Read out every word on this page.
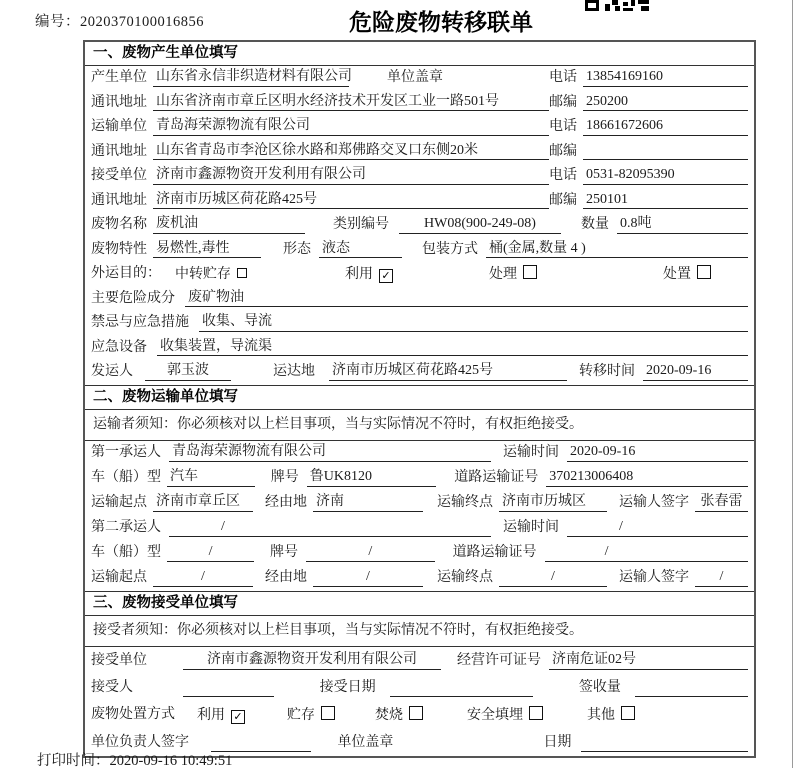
编号：2020370100016856	危险废物转移联单
一、废物产生单位填写
产生单位 山东省永信非织造材料有限公司	单位盖章	电话 13854169160
通讯地址 山东省济南市章丘区明水经济技术开发区工业一路501号	邮编 250200
运输单位 青岛海荣源物流有限公司	电话 18661672606
通讯地址 山东省青岛市李沧区徐水路和郑佛路交叉口东侧20米	邮编
接受单位 济南市鑫源物资开发利用有限公司	电话 0531-82095390
通讯地址 济南市历城区荷花路425号	邮编 250101
废物名称 废机油	类别编号	HW08(900-249-08)	数量 0.8吨
废物特性 易燃性,毒性	形态 液态	包装方式 桶(金属,数量 4 )
外运目的： 中转贮存	利用 ✓	处理	处置
主要危险成分 废矿物油
禁忌与应急措施 收集、导流
应急设备 收集装置，导流渠
发运人	郭玉波	运达地 济南市历城区荷花路425号	转移时间 2020-09-16
二、废物运输单位填写
运输者须知：你必须核对以上栏目事项，当与实际情况不符时，有权拒绝接受。
第一承运人 青岛海荣源物流有限公司	运输时间 2020-09-16
车（船）型 汽车	牌号 鲁UK8120	道路运输证号 370213006408
运输起点 济南市章丘区	经由地 济南	运输终点 济南市历城区	运输人签字 张春雷
第二承运人	/	运输时间	/
车（船）型	/	牌号	/	道路运输证号	/
运输起点	/	经由地	/	运输终点	/	运输人签字	/
三、废物接受单位填写
接受者须知：你必须核对以上栏目事项，当与实际情况不符时，有权拒绝接受。
接受单位	济南市鑫源物资开发利用有限公司	经营许可证号 济南危证02号
接受人	接受日期	签收量
废物处置方式 利用 ✓	贮存	焚烧	安全填埋	其他
单位负责人签字	单位盖章	日期
打印时间：2020-09-16 10:49:51
